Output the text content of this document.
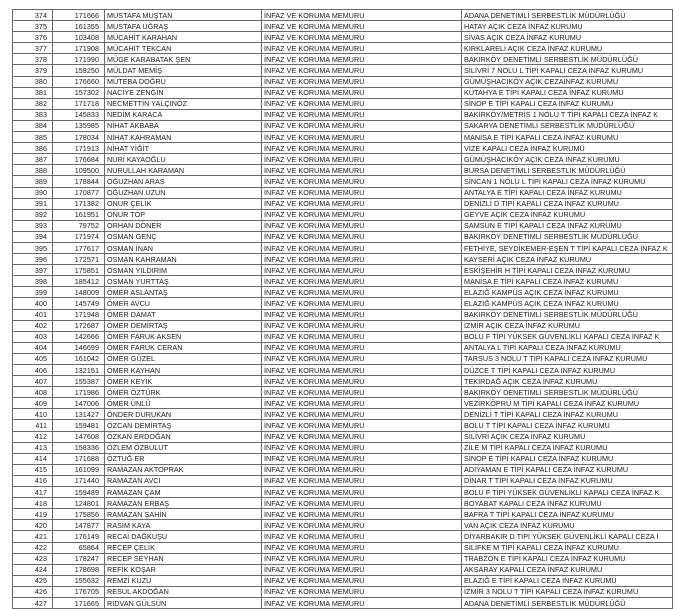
374	171666	MUSTAFA MUŞTAN	İNFAZ VE KORUMA MEMURU	ADANA DENETİMLİ SERBESTLİK MÜDÜRLÜĞÜ
375	161355	MUSTAFA UĞRAŞ	İNFAZ VE KORUMA MEMURU	HATAY AÇIK CEZA İNFAZ KURUMU
376	103408	MÜCAHİT KARAHAN	İNFAZ VE KORUMA MEMURU	SİVAS AÇIK CEZA İNFAZ KURUMU
377	171908	MÜCAHİT TEKCAN	İNFAZ VE KORUMA MEMURU	KIRKLARELİ AÇIK CEZA İNFAZ KURUMU
378	171990	MÜGE KARABATAK ŞEN	İNFAZ VE KORUMA MEMURU	BAKIRKÖY DENETİMLİ SERBESTLİK MÜDÜRLÜĞÜ
379	159250	MÜLDAT MEMİŞ	İNFAZ VE KORUMA MEMURU	SİLİVRİ 7 NOLU L TİPİ KAPALI CEZA İNFAZ KURUMU
380	176660	MÜTEBA DOĞRU	İNFAZ VE KORUMA MEMURU	GÜMÜŞHACIKÖY AÇIK CEZAİNFAZ KURUMU
381	157302	NACİYE ZENGİN	İNFAZ VE KORUMA MEMURU	KÜTAHYA E TİPİ KAPALI CEZA İNFAZ KURUMU
382	171718	NECMETTİN YALÇINÖZ	İNFAZ VE KORUMA MEMURU	SİNOP E TİPİ KAPALI CEZA İNFAZ KURUMU
383	145833	NEDİM KARACA	İNFAZ VE KORUMA MEMURU	BAKIRKÖY/METRİS 1 NOLU T TİPİ KAPALI CEZA İNFAZ K
384	135985	NİHAT AKBABA	İNFAZ VE KORUMA MEMURU	SAKARYA DENETİMLİ SERBESTLİK MÜDÜRLÜĞÜ
385	178034	NİHAT KAHRAMAN	İNFAZ VE KORUMA MEMURU	MANİSA E TİPİ KAPALI CEZA İNFAZ KURUMU
386	171913	NİHAT YİĞİT	İNFAZ VE KORUMA MEMURU	VİZE KAPALI CEZA İNFAZ KURUMU
387	176684	NURİ KAYAOĞLU	İNFAZ VE KORUMA MEMURU	GÜMÜŞHACIKÖY AÇIK CEZA İNFAZ KURUMU
388	109500	NURULLAH KARAMAN	İNFAZ VE KORUMA MEMURU	BURSA DENETİMLİ SERBESTLİK MÜDÜRLÜĞÜ
389	178844	OĞUZHAN ARAS	İNFAZ VE KORUMA MEMURU	SİNCAN 1 NOLU L TİPİ KAPALI CEZA İNFAZ KURUMU
390	170877	OĞUZHAN UZUN	İNFAZ VE KORUMA MEMURU	ANTALYA E TİPİ KAPALI CEZA İNFAZ KURUMU
391	171382	ONUR ÇELİK	İNFAZ VE KORUMA MEMURU	DENİZLİ D TİPİ KAPALI CEZA İNFAZ KURUMU
392	161951	ONUR TOP	İNFAZ VE KORUMA MEMURU	GEYVE AÇIK CEZA İNFAZ KURUMU
393	79752	ORHAN DÖNER	İNFAZ VE KORUMA MEMURU	SAMSUN E TİPİ KAPALI CEZA İNFAZ KURUMU
394	171974	OSMAN GENÇ	İNFAZ VE KORUMA MEMURU	BAKIRKÖY DENETİMLİ SERBESTLİK MÜDÜRLÜĞÜ
395	177617	OSMAN İNAN	İNFAZ VE KORUMA MEMURU	FETHİYE, SEYDİKEMER-EŞEN T TİPİ KAPALI CEZA İNFAZ K
396	172571	OSMAN KAHRAMAN	İNFAZ VE KORUMA MEMURU	KAYSERİ AÇIK CEZA İNFAZ KURUMU
397	175851	OSMAN YILDIRIM	İNFAZ VE KORUMA MEMURU	ESKİŞEHİR H TİPİ KAPALI CEZA İNFAZ KURUMU
398	185412	OSMAN YURTTAŞ	İNFAZ VE KORUMA MEMURU	MANİSA E TİPİ KAPALI CEZA İNFAZ KURUMU
399	148009	ÖMER ASLANTAŞ	İNFAZ VE KORUMA MEMURU	ELAZIĞ KAMPÜS AÇIK CEZA İNFAZ KURUMU
400	145749	ÖMER AVCU	İNFAZ VE KORUMA MEMURU	ELAZIĞ KAMPÜS AÇIK CEZA İNFAZ KURUMU
401	171948	ÖMER DAMAT	İNFAZ VE KORUMA MEMURU	BAKIRKÖY DENETİMLİ SERBESTLİK MÜDÜRLÜĞÜ
402	172687	ÖMER DEMİRTAŞ	İNFAZ VE KORUMA MEMURU	İZMİR AÇIK CEZA İNFAZ KURUMU
403	142666	ÖMER FARUK AKSEN	İNFAZ VE KORUMA MEMURU	BOLU F TİPİ YÜKSEK GÜVENLİKLİ KAPALI CEZA İNFAZ K
404	146699	ÖMER FARUK CERAN	İNFAZ VE KORUMA MEMURU	ANTALYA L TİPİ KAPALI CEZA İNFAZ KURUMU
405	161042	ÖMER GÜZEL	İNFAZ VE KORUMA MEMURU	TARSUS 3 NOLU T TİPİ KAPALI CEZA İNFAZ KURUMU
406	132151	ÖMER KAYHAN	İNFAZ VE KORUMA MEMURU	DÜZCE T TİPİ KAPALI CEZA İNFAZ KURUMU
407	155387	ÖMER KEYİK	İNFAZ VE KORUMA MEMURU	TEKİRDAĞ AÇIK CEZA İNFAZ KURUMU
408	171986	ÖMER ÖZTÜRK	İNFAZ VE KORUMA MEMURU	BAKIRKÖY DENETİMLİ SERBESTLİK MÜDÜRLÜĞÜ
409	147006	ÖMER ÜNLÜ	İNFAZ VE KORUMA MEMURU	VEZİRKÖPRÜ M TİPİ KAPALI CEZA İNFAZ KURUMU
410	131427	ÖNDER DURUKAN	İNFAZ VE KORUMA MEMURU	DENİZLİ T TİPİ KAPALI CEZA İNFAZ KURUMU
411	159481	ÖZCAN DEMİRTAŞ	İNFAZ VE KORUMA MEMURU	BOLU T TİPİ KAPALI CEZA İNFAZ KURUMU
412	147608	ÖZKAN ERDOĞAN	İNFAZ VE KORUMA MEMURU	SİLİVRİ AÇIK CEZA İNFAZ KURUMU
413	158336	ÖZLEM ÖZBULUT	İNFAZ VE KORUMA MEMURU	ZİLE M TİPİ KAPALI CEZA İNFAZ KURUMU
414	171688	ÖZTUĞ ER	İNFAZ VE KORUMA MEMURU	SİNOP E TİPİ KAPALI CEZA İNFAZ KURUMU
415	161099	RAMAZAN AKTOPRAK	İNFAZ VE KORUMA MEMURU	ADIYAMAN E TİPİ KAPALI CEZA İNFAZ KURUMU
416	171440	RAMAZAN AVCI	İNFAZ VE KORUMA MEMURU	DİNAR T TİPİ KAPALI CEZA İNFAZ KURUMU
417	159489	RAMAZAN ÇAM	İNFAZ VE KORUMA MEMURU	BOLU F TİPİ YÜKSEK GÜVENLİKLİ KAPALI CEZA İNFAZ K
418	124801	RAMAZAN ERBAŞ	İNFAZ VE KORUMA MEMURU	BOYABAT KAPALI CEZA İNFAZ KURUMU
419	175856	RAMAZAN ŞAHİN	İNFAZ VE KORUMA MEMURU	BAFRA T TİPİ KAPALI CEZA İNFAZ KURUMU
420	147877	RASİM KAYA	İNFAZ VE KORUMA MEMURU	VAN AÇIK CEZA İNFAZ KURUMU
421	176149	RECAİ DAĞKUŞU	İNFAZ VE KORUMA MEMURU	DİYARBAKIR D TİPİ YÜKSEK GÜVENLİKLİ KAPALI CEZA İ
422	65864	RECEP ÇELİK	İNFAZ VE KORUMA MEMURU	SİLİFKE M TİPİ KAPALI CEZA İNFAZ KURUMU
423	178247	RECEP SEYHAN	İNFAZ VE KORUMA MEMURU	TRABZON E TİPİ KAPALI CEZA İNFAZ KURUMU
424	178698	REFİK KOŞAR	İNFAZ VE KORUMA MEMURU	AKSARAY KAPALI CEZA İNFAZ KURUMU
425	155632	REMZİ KUZU	İNFAZ VE KORUMA MEMURU	ELAZIĞ E TİPİ KAPALI CEZA İNFAZ KURUMU
426	176705	RESUL AKDOĞAN	İNFAZ VE KORUMA MEMURU	İZMİR 3 NOLU T TİPİ KAPALI CEZA İNFAZ KURUMU
427	171665	RIDVAN GÜLSÜN	İNFAZ VE KORUMA MEMURU	ADANA DENETİMLİ SERBESTLİK MÜDÜRLÜĞÜ
